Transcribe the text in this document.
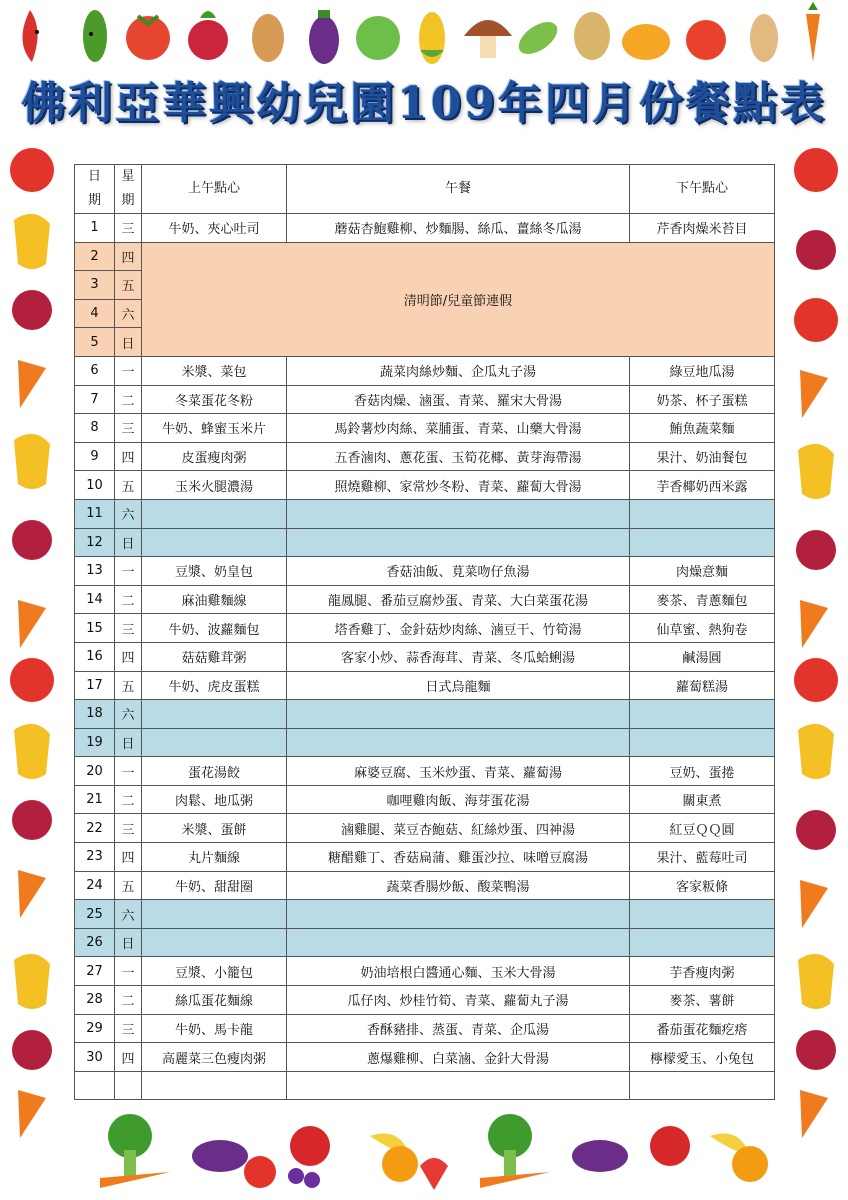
佛利亞華興幼兒園109年四月份餐點表
日期	星期	上午點心	午餐	下午點心
1	三	牛奶、夾心吐司	蘑菇杏鮑雞柳、炒麵腸、絲瓜、薑絲冬瓜湯	芹香肉燥米苔目
2	四	清明節/兒童節連假		
3	五			
4	六			
5	日			
6	一	米漿、菜包	蔬菜肉絲炒麵、企瓜丸子湯	綠豆地瓜湯
7	二	冬菜蛋花冬粉	香菇肉燥、滷蛋、青菜、羅宋大骨湯	奶茶、杯子蛋糕
8	三	牛奶、蜂蜜玉米片	馬鈴薯炒肉絲、菜脯蛋、青菜、山藥大骨湯	鮪魚蔬菜麵
9	四	皮蛋瘦肉粥	五香滷肉、蔥花蛋、玉筍花椰、黃芽海帶湯	果汁、奶油餐包
10	五	玉米火腿濃湯	照燒雞柳、家常炒冬粉、青菜、蘿蔔大骨湯	芋香椰奶西米露
11	六			
12	日			
13	一	豆漿、奶皇包	香菇油飯、莧菜吻仔魚湯	肉燥意麵
14	二	麻油雞麵線	龍鳳腿、番茄豆腐炒蛋、青菜、大白菜蛋花湯	麥茶、青蔥麵包
15	三	牛奶、波蘿麵包	塔香雞丁、金針菇炒肉絲、滷豆干、竹筍湯	仙草蜜、熱狗卷
16	四	菇菇雞茸粥	客家小炒、蒜香海茸、青菜、冬瓜蛤蜊湯	鹹湯圓
17	五	牛奶、虎皮蛋糕	日式烏龍麵	蘿蔔糕湯
18	六			
19	日			
20	一	蛋花湯餃	麻婆豆腐、玉米炒蛋、青菜、蘿蔔湯	豆奶、蛋捲
21	二	肉鬆、地瓜粥	咖哩雞肉飯、海芽蛋花湯	關東煮
22	三	米漿、蛋餅	滷雞腿、菜豆杏鮑菇、紅絲炒蛋、四神湯	紅豆ＱＱ圓
23	四	丸片麵線	糖醋雞丁、香菇扁蒲、雞蛋沙拉、味噌豆腐湯	果汁、藍莓吐司
24	五	牛奶、甜甜圈	蔬菜香腸炒飯、酸菜鴨湯	客家粄條
25	六			
26	日			
27	一	豆漿、小籠包	奶油培根白醬通心麵、玉米大骨湯	芋香瘦肉粥
28	二	絲瓜蛋花麵線	瓜仔肉、炒桂竹筍、青菜、蘿蔔丸子湯	麥茶、薯餅
29	三	牛奶、馬卡龍	香酥豬排、蒸蛋、青菜、企瓜湯	番茄蛋花麵疙瘩
30	四	高麗菜三色瘦肉粥	蔥爆雞柳、白菜滷、金針大骨湯	檸檬愛玉、小兔包
